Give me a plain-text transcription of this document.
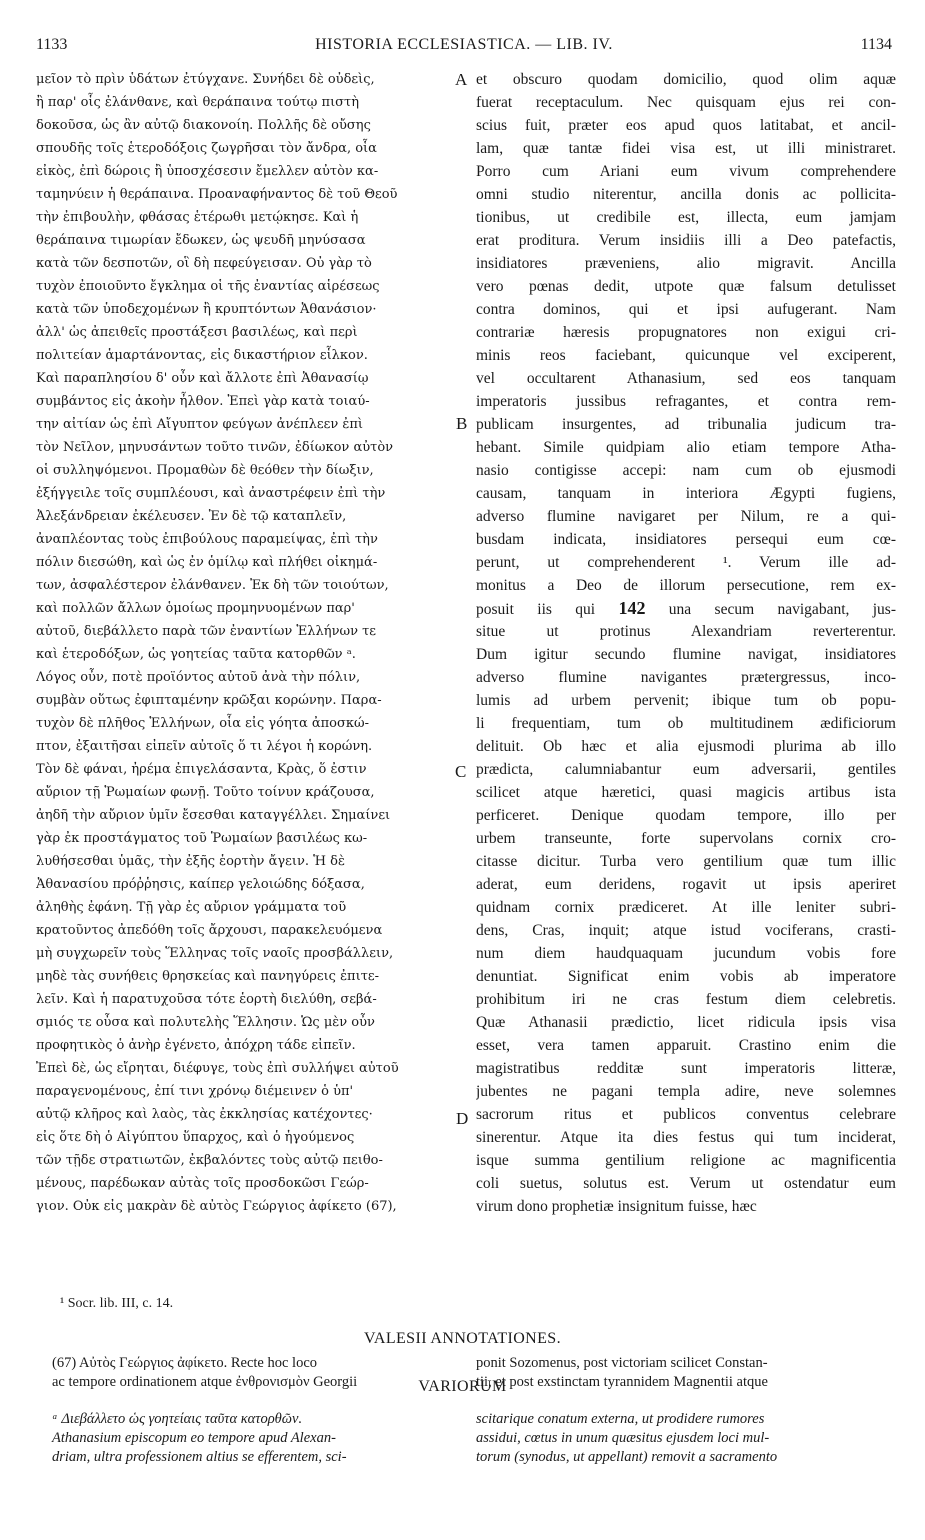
HISTORIA ECCLESIASTICA. — LIB. IV.
1133	1134
μεῖον τὸ πρὶν ὑδάτων ἐτύγχανε. Συνήδει δὲ οὐδεὶς,
ἢ παρ' οἷς ἐλάνθανε, καὶ θεράπαινα τούτῳ πιστὴ
δοκοῦσα, ὡς ἂν αὐτῷ διακονοίη. Πολλῆς δὲ οὔσης
σπουδῆς τοῖς ἑτεροδόξοις ζωγρῆσαι τὸν ἄνδρα, οἷα
εἰκὸς, ἐπὶ δώροις ἢ ὑποσχέσεσιν ἔμελλεν αὐτὸν κα-
ταμηνύειν ἡ θεράπαινα. Προαναφήναντος δὲ τοῦ Θεοῦ
τὴν ἐπιβουλὴν, φθάσας ἑτέρωθι μετῴκησε. Καὶ ἡ
θεράπαινα τιμωρίαν ἔδωκεν, ὡς ψευδῆ μηνύσασα
κατὰ τῶν δεσποτῶν, οἳ δὴ πεφεύγεισαν. Οὐ γὰρ τὸ
τυχὸν ἐποιοῦντο ἔγκλημα οἱ τῆς ἐναντίας αἱρέσεως
κατὰ τῶν ὑποδεχομένων ἢ κρυπτόντων Ἀθανάσιον·
ἀλλ' ὡς ἀπειθεῖς προστάξεσι βασιλέως, καὶ περὶ
πολιτείαν ἁμαρτάνοντας, εἰς δικαστήριον εἷλκον.
Καὶ παραπλησίου δ' οὖν καὶ ἄλλοτε ἐπὶ Ἀθανασίῳ
συμβάντος εἰς ἀκοὴν ἦλθον. Ἐπεὶ γὰρ κατὰ τοιαύ-
την αἰτίαν ὡς ἐπὶ Αἴγυπτον φεύγων ἀνέπλεεν ἐπὶ
τὸν Νεῖλον, μηνυσάντων τοῦτο τινῶν, ἐδίωκον αὐτὸν
οἱ συλληψόμενοι. Προμαθὼν δὲ θεόθεν τὴν δίωξιν,
ἐξήγγειλε τοῖς συμπλέουσι, καὶ ἀναστρέφειν ἐπὶ τὴν
Ἀλεξάνδρειαν ἐκέλευσεν. Ἐν δὲ τῷ καταπλεῖν,
ἀναπλέοντας τοὺς ἐπιβούλους παραμείψας, ἐπὶ τὴν
πόλιν διεσώθη, καὶ ὡς ἐν ὁμίλῳ καὶ πλήθει οἰκημά-
των, ἀσφαλέστερον ἐλάνθανεν. Ἐκ δὴ τῶν τοιούτων,
καὶ πολλῶν ἄλλων ὁμοίως προμηνυομένων παρ'
αὐτοῦ, διεβάλλετο παρὰ τῶν ἐναντίων Ἑλλήνων τε
καὶ ἑτεροδόξων, ὡς γοητείας ταῦτα κατορθῶν ᵃ.
Λόγος οὖν, ποτὲ προϊόντος αὐτοῦ ἀνὰ τὴν πόλιν,
συμβὰν οὕτως ἐφιπταμένην κρῶξαι κορώνην. Παρα-
τυχὸν δὲ πλῆθος Ἑλλήνων, οἷα εἰς γόητα ἀποσκώ-
πτον, ἐξαιτῆσαι εἰπεῖν αὐτοῖς ὅ τι λέγοι ἡ κορώνη.
Τὸν δὲ φάναι, ἠρέμα ἐπιγελάσαντα, Κρὰς, ὅ ἐστιν
αὔριον τῇ Ῥωμαίων φωνῇ. Τοῦτο τοίνυν κράζουσα,
ἀηδῆ τὴν αὔριον ὑμῖν ἔσεσθαι καταγγέλλει. Σημαίνει
γὰρ ἐκ προστάγματος τοῦ Ῥωμαίων βασιλέως κω-
λυθήσεσθαι ὑμᾶς, τὴν ἐξῆς ἑορτὴν ἄγειν. Ἡ δὲ
Ἀθανασίου πρόῤῥησις, καίπερ γελοιώδης δόξασα,
ἀληθὴς ἐφάνη. Τῇ γὰρ ἐς αὔριον γράμματα τοῦ
κρατοῦντος ἀπεδόθη τοῖς ἄρχουσι, παρακελευόμενα
μὴ συγχωρεῖν τοὺς Ἕλληνας τοῖς ναοῖς προσβάλλειν,
μηδὲ τὰς συνήθεις θρησκείας καὶ πανηγύρεις ἐπιτε-
λεῖν. Καὶ ἡ παρατυχοῦσα τότε ἑορτὴ διελύθη, σεβά-
σμιός τε οὖσα καὶ πολυτελὴς Ἕλλησιν. Ὡς μὲν οὖν
προφητικὸς ὁ ἀνὴρ ἐγένετο, ἀπόχρη τάδε εἰπεῖν.
Ἐπεὶ δὲ, ὡς εἴρηται, διέφυγε, τοὺς ἐπὶ συλλήψει αὐτοῦ
παραγενομένους, ἐπί τινι χρόνῳ διέμεινεν ὁ ὑπ'
αὐτῷ κλῆρος καὶ λαὸς, τὰς ἐκκλησίας κατέχοντες·
εἰς ὅτε δὴ ὁ Αἰγύπτου ὕπαρχος, καὶ ὁ ἡγούμενος
τῶν τῇδε στρατιωτῶν, ἐκβαλόντες τοὺς αὐτῷ πειθο-
μένους, παρέδωκαν αὐτὰς τοῖς προσδοκῶσι Γεώρ-
γιον. Οὐκ εἰς μακρὰν δὲ αὐτὸς Γεώργιος ἀφίκετο (67),
et obscuro quodam domicilio, quod olim aquæ
fuerat receptaculum. Nec quisquam ejus rei con-
scius fuit, præter eos apud quos latitabat, et ancil-
lam, quæ tantæ fidei visa est, ut illi ministraret.
Porro cum Ariani eum vivum comprehendere
omni studio niterentur, ancilla donis ac pollicita-
tionibus, ut credibile est, illecta, eum jamjam
erat proditura. Verum insidiis illi a Deo patefactis,
insidiatores præveniens, alio migravit. Ancilla
vero pœnas dedit, utpote quæ falsum detulisset
contra dominos, qui et ipsi aufugerant. Nam
contrariæ hæresis propugnatores non exigui cri-
minis reos faciebant, quicunque vel exciperent,
vel occultarent Athanasium, sed eos tanquam
imperatoris jussibus refragantes, et contra rem-
publicam insurgentes, ad tribunalia judicum tra-
hebant. Simile quidpiam alio etiam tempore Atha-
nasio contigisse accepi: nam cum ob ejusmodi
causam, tanquam in interiora Ægypti fugiens,
adverso flumine navigaret per Nilum, re a qui-
busdam indicata, insidiatores persequi eum cœ-
perunt, ut comprehenderent ¹. Verum ille ad-
monitus a Deo de illorum persecutione, rem ex-
posuit iis qui 142 una secum navigabant, jus-
situe ut protinus Alexandriam reverterentur.
Dum igitur secundo flumine navigat, insidiatores
adverso flumine navigantes prætergressus, inco-
lumis ad urbem pervenit; ibique tum ob popu-
li frequentiam, tum ob multitudinem ædificiorum
delituit. Ob hæc et alia ejusmodi plurima ab illo
prædicta, calumniabantur eum adversarii, gentiles
scilicet atque hæretici, quasi magicis artibus ista
perficeret. Denique quodam tempore, illo per
urbem transeunte, forte supervolans cornix cro-
citasse dicitur. Turba vero gentilium quæ tum illic
aderat, eum deridens, rogavit ut ipsis aperiret
quidnam cornix prædiceret. At ille leniter subri-
dens, Cras, inquit; atque istud vociferans, crasti-
num diem haudquaquam jucundum vobis fore
denuntiat. Significat enim vobis ab imperatore
prohibitum iri ne cras festum diem celebretis.
Quæ Athanasii prædictio, licet ridicula ipsis visa
esset, vera tamen apparuit. Crastino enim die
magistratibus redditæ sunt imperatoris litteræ,
jubentes ne pagani templa adire, neve solemnes
sacrorum ritus et publicos conventus celebrare
sinerentur. Atque ita dies festus qui tum inciderat,
isque summa gentilium religione ac magnificentia
coli suetus, solutus est. Verum ut ostendatur eum
virum dono prophetiæ insignitum fuisse, hæc
A
B
C
D
¹ Socr. lib. III, c. 14.
VALESII ANNOTATIONES.
(67) Αὐτὸς Γεώργιος ἀφίκετο. Recte hoc loco
ac tempore ordinationem atque ἐνθρονισμὸν Georgii
ponit Sozomenus, post victoriam scilicet Constan-
tii, et post exstinctam tyrannidem Magnentii atque
VARIORUM
ᵃ Διεβάλλετο ὡς γοητείαις ταῦτα κατορθῶν.
Athanasium episcopum eo tempore apud Alexan-
driam, ultra professionem altius se efferentem, sci-
scitarique conatum externa, ut prodidere rumores
assidui, cœtus in unum quæsitus ejusdem loci mul-
torum (synodus, ut appellant) removit a sacramento
